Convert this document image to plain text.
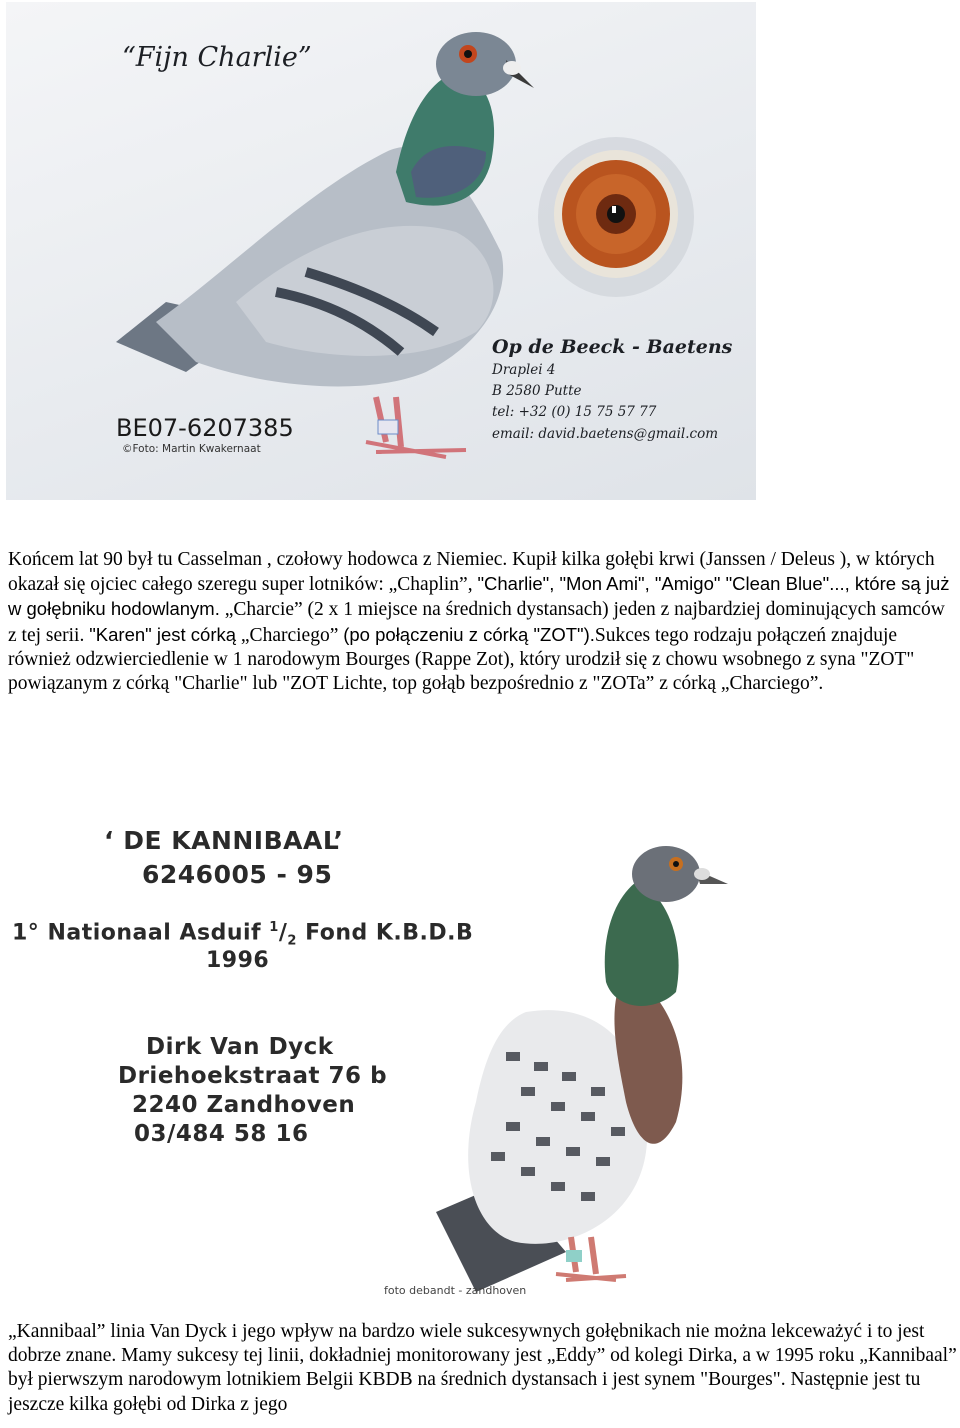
“Fijn Charlie”
BE07-6207385
©Foto: Martin Kwakernaat
Op de Beeck - Baetens
Draplei 4
B 2580 Putte
tel: +32 (0) 15 75 57 77
email: david.baetens@gmail.com

Końcem lat 90 był tu Casselman , czołowy hodowca z Niemiec. Kupił kilka gołębi krwi (Janssen / Deleus ), w których okazał się ojciec całego szeregu super lotników: „Chaplin”, "Charlie", "Mon Ami", "Amigo" "Clean Blue"..., które są już w gołębniku hodowlanym. „Charcie” (2 x 1 miejsce na średnich dystansach) jeden z najbardziej dominujących samców z tej serii. "Karen" jest córką „Charciego” (po połączeniu z córką "ZOT").Sukces tego rodzaju połączeń znajduje również odzwierciedlenie w 1 narodowym Bourges (Rappe Zot), który urodził się z chowu wsobnego z syna "ZOT" powiązanym z córką "Charlie" lub "ZOT Lichte, top gołąb bezpośrednio z "ZOTa” z córką „Charciego”.

‘ DE KANNIBAAL’
6246005 - 95
1° Nationaal Asduif $^1/_2$ Fond K.B.D.B
1996
Dirk Van Dyck
Driehoekstraat 76 b
2240 Zandhoven
03/484 58 16
foto debandt - zandhoven

„Kannibaal” linia Van Dyck i jego wpływ na bardzo wiele sukcesywnych gołębnikach nie można lekceważyć i to jest dobrze znane. Mamy sukcesy tej linii, dokładniej monitorowany jest „Eddy” od kolegi Dirka, a w 1995 roku „Kannibaal” był pierwszym narodowym lotnikiem Belgii KBDB na średnich dystansach i jest synem "Bourges". Następnie jest tu jeszcze kilka gołębi od Dirka z jego
